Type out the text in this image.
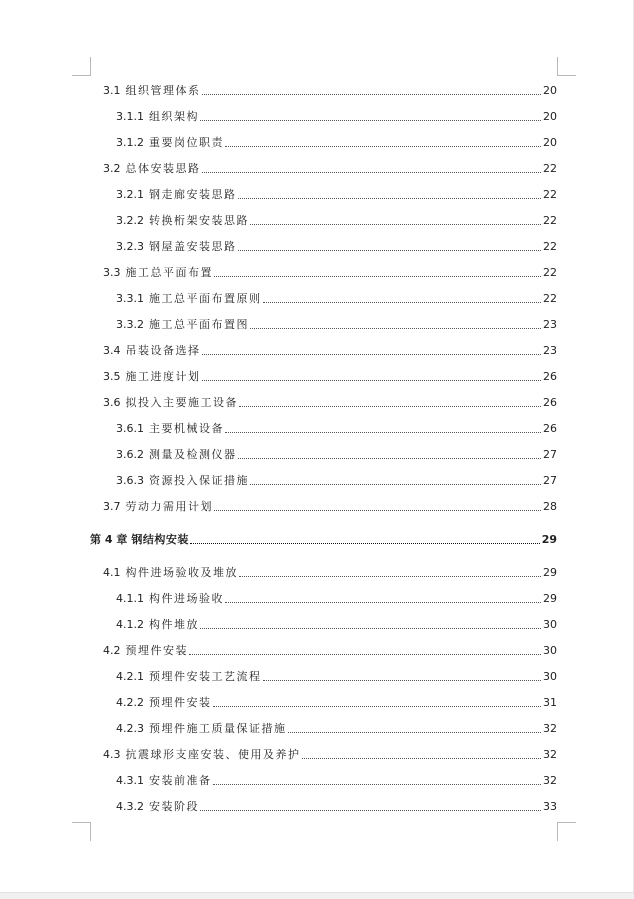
3.1 组织管理体系	20
3.1.1 组织架构	20
3.1.2 重要岗位职责	20
3.2 总体安装思路	22
3.2.1 钢走廊安装思路	22
3.2.2 转换桁架安装思路	22
3.2.3 钢屋盖安装思路	22
3.3 施工总平面布置	22
3.3.1 施工总平面布置原则	22
3.3.2 施工总平面布置图	23
3.4 吊装设备选择	23
3.5 施工进度计划	26
3.6 拟投入主要施工设备	26
3.6.1 主要机械设备	26
3.6.2 测量及检测仪器	27
3.6.3 资源投入保证措施	27
3.7 劳动力需用计划	28
第 4 章 钢结构安装	29
4.1 构件进场验收及堆放	29
4.1.1 构件进场验收	29
4.1.2 构件堆放	30
4.2 预埋件安装	30
4.2.1 预埋件安装工艺流程	30
4.2.2 预埋件安装	31
4.2.3 预埋件施工质量保证措施	32
4.3 抗震球形支座安装、使用及养护	32
4.3.1 安装前准备	32
4.3.2 安装阶段	33
